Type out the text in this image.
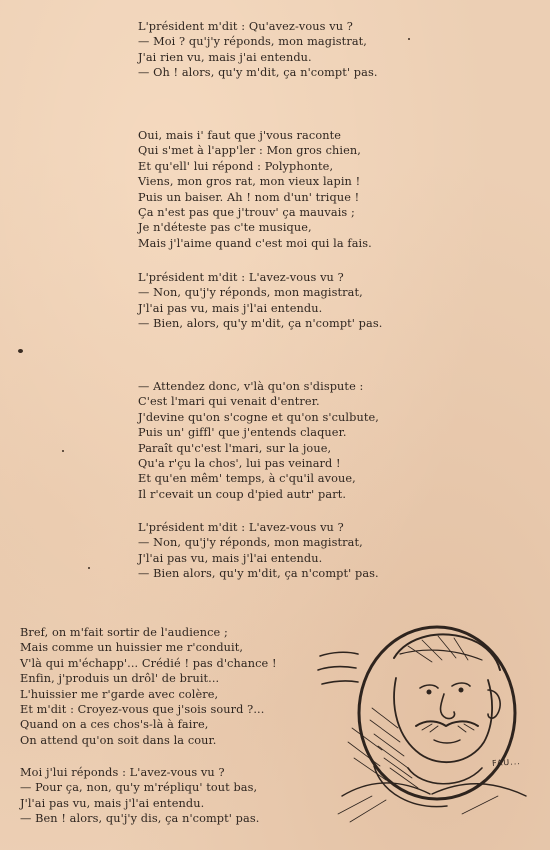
L'président m'dit : Qu'avez-vous vu ?
— Moi ? qu'j'y réponds, mon magistrat,
J'ai rien vu, mais j'ai entendu.
— Oh ! alors, qu'y m'dit, ça n'compt' pas.
Oui, mais i' faut que j'vous raconte
Qui s'met à l'app'ler : Mon gros chien,
Et qu'ell' lui répond : Polyphonte,
Viens, mon gros rat, mon vieux lapin !
Puis un baiser. Ah ! nom d'un' trique !
Ça n'est pas que j'trouv' ça mauvais ;
Je n'déteste pas c'te musique,
Mais j'l'aime quand c'est moi qui la fais.
L'président m'dit : L'avez-vous vu ?
— Non, qu'j'y réponds, mon magistrat,
J'l'ai pas vu, mais j'l'ai entendu.
— Bien, alors, qu'y m'dit, ça n'compt' pas.
— Attendez donc, v'là qu'on s'dispute :
C'est l'mari qui venait d'entrer.
J'devine qu'on s'cogne et qu'on s'culbute,
Puis un' giffl' que j'entends claquer.
Paraît qu'c'est l'mari, sur la joue,
Qu'a r'çu la chos', lui pas veinard !
Et qu'en mêm' temps, à c'qu'il avoue,
Il r'cevait un coup d'pied autr' part.
L'président m'dit : L'avez-vous vu ?
— Non, qu'j'y réponds, mon magistrat,
J'l'ai pas vu, mais j'l'ai entendu.
— Bien alors, qu'y m'dit, ça n'compt' pas.
Bref, on m'fait sortir de l'audience ;
Mais comme un huissier me r'conduit,
V'là qui m'échapp'... Crédié ! pas d'chance !
Enfin, j'produis un drôl' de bruit...
L'huissier me r'garde avec colère,
Et m'dit : Croyez-vous que j'sois sourd ?...
Quand on a ces chos's-là à faire,
On attend qu'on soit dans la cour.
Moi j'lui réponds : L'avez-vous vu ?
— Pour ça, non, qu'y m'répliqu' tout bas,
J'l'ai pas vu, mais j'l'ai entendu.
— Ben ! alors, qu'j'y dis, ça n'compt' pas.
FAU...
